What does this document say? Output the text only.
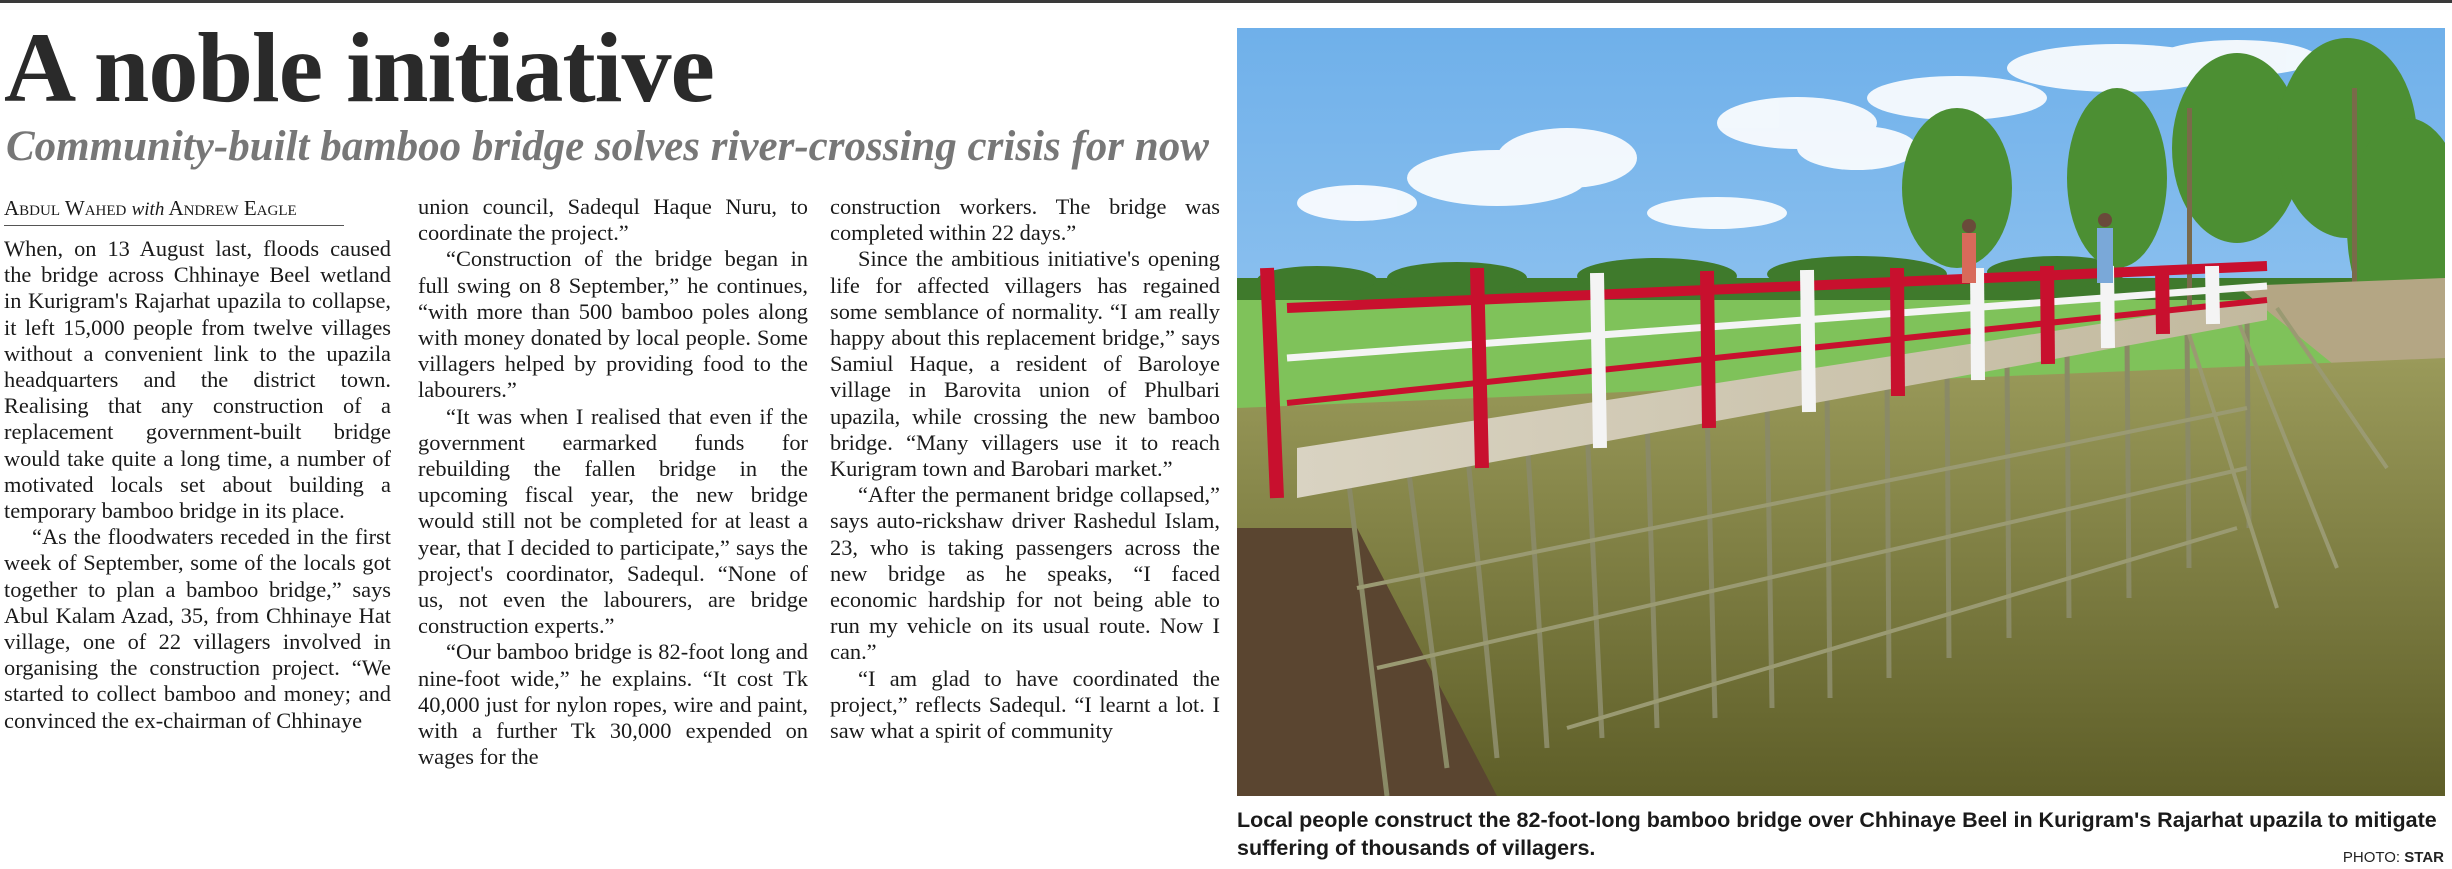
A noble initiative
Community-built bamboo bridge solves river-crossing crisis for now
Abdul Wahed with Andrew Eagle

When, on 13 August last, floods caused the bridge across Chhinaye Beel wetland in Kurigram's Rajarhat upazila to collapse, it left 15,000 people from twelve villages without a convenient link to the upazila headquarters and the district town. Realising that any construction of a replacement government-built bridge would take quite a long time, a number of motivated locals set about building a temporary bamboo bridge in its place.

“As the floodwaters receded in the first week of September, some of the locals got together to plan a bamboo bridge,” says Abul Kalam Azad, 35, from Chhinaye Hat village, one of 22 villagers involved in organising the construction project. “We started to collect bamboo and money; and convinced the ex-chairman of Chhinaye

union council, Sadequl Haque Nuru, to coordinate the project.”

“Construction of the bridge began in full swing on 8 September,” he continues, “with more than 500 bamboo poles along with money donated by local people. Some villagers helped by providing food to the labourers.”

“It was when I realised that even if the government earmarked funds for rebuilding the fallen bridge in the upcoming fiscal year, the new bridge would still not be completed for at least a year, that I decided to participate,” says the project's coordinator, Sadequl. “None of us, not even the labourers, are bridge construction experts.”

“Our bamboo bridge is 82-foot long and nine-foot wide,” he explains. “It cost Tk 40,000 just for nylon ropes, wire and paint, with a further Tk 30,000 expended on wages for the

construction workers. The bridge was completed within 22 days.”

Since the ambitious initiative's opening life for affected villagers has regained some semblance of normality. “I am really happy about this replacement bridge,” says Samiul Haque, a resident of Baroloye village in Barovita union of Phulbari upazila, while crossing the new bamboo bridge. “Many villagers use it to reach Kurigram town and Barobari market.”

“After the permanent bridge collapsed,” says auto-rickshaw driver Rashedul Islam, 23, who is taking passengers across the new bridge as he speaks, “I faced economic hardship for not being able to run my vehicle on its usual route. Now I can.”

“I am glad to have coordinated the project,” reflects Sadequl. “I learnt a lot. I saw what a spirit of community

Local people construct the 82-foot-long bamboo bridge over Chhinaye Beel in Kurigram's Rajarhat upazila to mitigate suffering of thousands of villagers.	PHOTO: STAR
